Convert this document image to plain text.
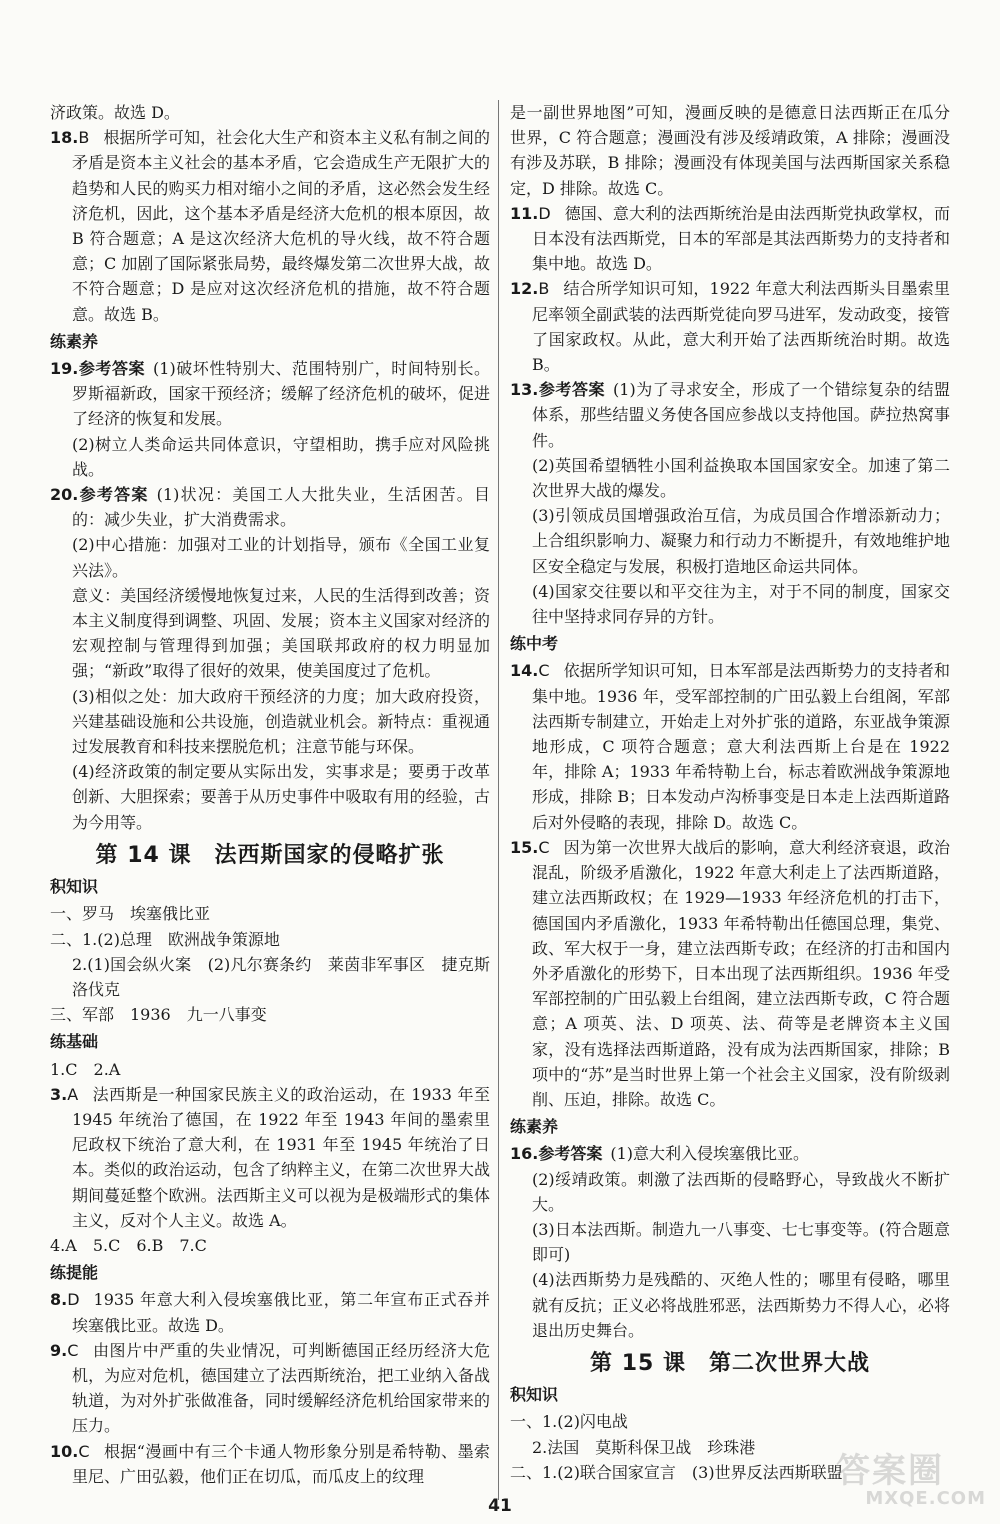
济政策。故选 D。

18.B 根据所学可知，社会化大生产和资本主义私有制之间的矛盾是资本主义社会的基本矛盾，它会造成生产无限扩大的趋势和人民的购买力相对缩小之间的矛盾，这必然会发生经济危机，因此，这个基本矛盾是经济大危机的根本原因，故 B 符合题意；A 是这次经济大危机的导火线，故不符合题意；C 加剧了国际紧张局势，最终爆发第二次世界大战，故不符合题意；D 是应对这次经济危机的措施，故不符合题意。故选 B。

练素养

19.参考答案 (1)破坏性特别大、范围特别广，时间特别长。罗斯福新政，国家干预经济；缓解了经济危机的破坏，促进了经济的恢复和发展。

(2)树立人类命运共同体意识，守望相助，携手应对风险挑战。

20.参考答案 (1)状况：美国工人大批失业，生活困苦。目的：减少失业，扩大消费需求。

(2)中心措施：加强对工业的计划指导，颁布《全国工业复兴法》。

意义：美国经济缓慢地恢复过来，人民的生活得到改善；资本主义制度得到调整、巩固、发展；资本主义国家对经济的宏观控制与管理得到加强；美国联邦政府的权力明显加强；“新政”取得了很好的效果，使美国度过了危机。

(3)相似之处：加大政府干预经济的力度；加大政府投资，兴建基础设施和公共设施，创造就业机会。新特点：重视通过发展教育和科技来摆脱危机；注意节能与环保。

(4)经济政策的制定要从实际出发，实事求是；要勇于改革创新、大胆探索；要善于从历史事件中吸取有用的经验，古为今用等。

第 14 课　法西斯国家的侵略扩张
积知识

一、罗马　埃塞俄比亚

二、1.(2)总理　欧洲战争策源地

2.(1)国会纵火案　(2)凡尔赛条约　莱茵非军事区　捷克斯洛伐克

三、军部　1936　九一八事变

练基础

1.C　2.A

3.A 法西斯是一种国家民族主义的政治运动，在 1933 年至 1945 年统治了德国，在 1922 年至 1943 年间的墨索里尼政权下统治了意大利，在 1931 年至 1945 年统治了日本。类似的政治运动，包含了纳粹主义，在第二次世界大战期间蔓延整个欧洲。法西斯主义可以视为是极端形式的集体主义，反对个人主义。故选 A。

4.A　5.C　6.B　7.C

练提能

8.D 1935 年意大利入侵埃塞俄比亚，第二年宣布正式吞并埃塞俄比亚。故选 D。

9.C 由图片中严重的失业情况，可判断德国正经历经济大危机，为应对危机，德国建立了法西斯统治，把工业纳入备战轨道，为对外扩张做准备，同时缓解经济危机给国家带来的压力。

10.C 根据“漫画中有三个卡通人物形象分别是希特勒、墨索里尼、广田弘毅，他们正在切瓜，而瓜皮上的纹理

是一副世界地图”可知，漫画反映的是德意日法西斯正在瓜分世界，C 符合题意；漫画没有涉及绥靖政策，A 排除；漫画没有涉及苏联，B 排除；漫画没有体现美国与法西斯国家关系稳定，D 排除。故选 C。

11.D 德国、意大利的法西斯统治是由法西斯党执政掌权，而日本没有法西斯党，日本的军部是其法西斯势力的支持者和集中地。故选 D。

12.B 结合所学知识可知，1922 年意大利法西斯头目墨索里尼率领全副武装的法西斯党徒向罗马进军，发动政变，接管了国家政权。从此，意大利开始了法西斯统治时期。故选 B。

13.参考答案 (1)为了寻求安全，形成了一个错综复杂的结盟体系，那些结盟义务使各国应参战以支持他国。萨拉热窝事件。

(2)英国希望牺牲小国利益换取本国国家安全。加速了第二次世界大战的爆发。

(3)引领成员国增强政治互信，为成员国合作增添新动力；上合组织影响力、凝聚力和行动力不断提升，有效地维护地区安全稳定与发展，积极打造地区命运共同体。

(4)国家交往要以和平交往为主，对于不同的制度，国家交往中坚持求同存异的方针。

练中考

14.C 依据所学知识可知，日本军部是法西斯势力的支持者和集中地。1936 年，受军部控制的广田弘毅上台组阁，军部法西斯专制建立，开始走上对外扩张的道路，东亚战争策源地形成，C 项符合题意；意大利法西斯上台是在 1922 年，排除 A；1933 年希特勒上台，标志着欧洲战争策源地形成，排除 B；日本发动卢沟桥事变是日本走上法西斯道路后对外侵略的表现，排除 D。故选 C。

15.C 因为第一次世界大战后的影响，意大利经济衰退，政治混乱，阶级矛盾激化，1922 年意大利走上了法西斯道路，建立法西斯政权；在 1929—1933 年经济危机的打击下，德国国内矛盾激化，1933 年希特勒出任德国总理，集党、政、军大权于一身，建立法西斯专政；在经济的打击和国内外矛盾激化的形势下，日本出现了法西斯组织。1936 年受军部控制的广田弘毅上台组阁，建立法西斯专政，C 符合题意；A 项英、法、D 项英、法、荷等是老牌资本主义国家，没有选择法西斯道路，没有成为法西斯国家，排除；B 项中的“苏”是当时世界上第一个社会主义国家，没有阶级剥削、压迫，排除。故选 C。

练素养

16.参考答案 (1)意大利入侵埃塞俄比亚。

(2)绥靖政策。刺激了法西斯的侵略野心，导致战火不断扩大。

(3)日本法西斯。制造九一八事变、七七事变等。(符合题意即可)

(4)法西斯势力是残酷的、灭绝人性的；哪里有侵略，哪里就有反抗；正义必将战胜邪恶，法西斯势力不得人心，必将退出历史舞台。

第 15 课　第二次世界大战
积知识

一、1.(2)闪电战

2.法国　莫斯科保卫战　珍珠港

二、1.(2)联合国家宣言　(3)世界反法西斯联盟

41
答案圈
MXQE.COM
